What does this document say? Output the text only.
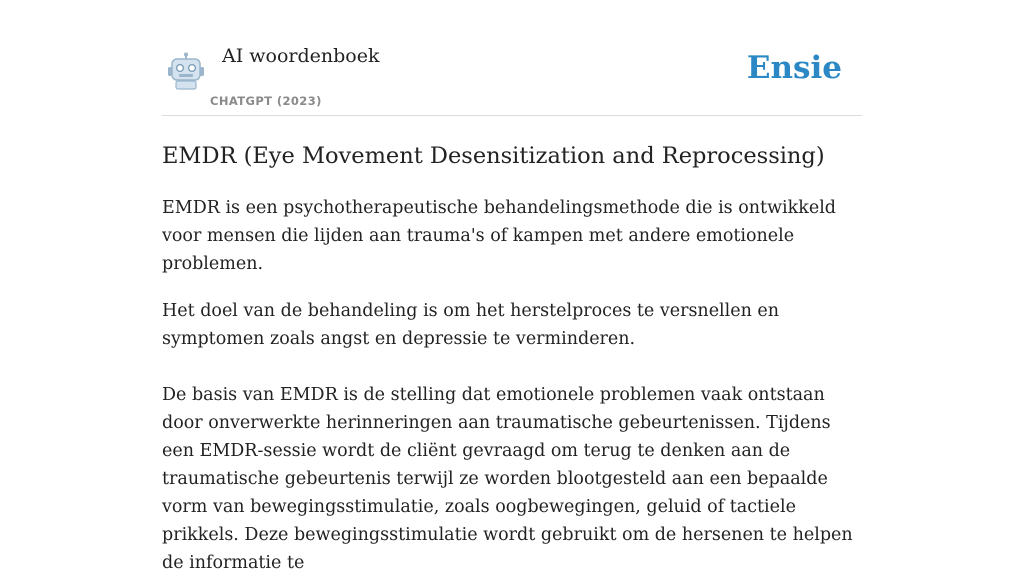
AI woordenboek
CHATGPT (2023)
Ensie
EMDR (Eye Movement Desensitization and Reprocessing)

EMDR is een psychotherapeutische behandelingsmethode die is ontwikkeld voor mensen die lijden aan trauma's of kampen met andere emotionele problemen.

Het doel van de behandeling is om het herstelproces te versnellen en symptomen zoals angst en depressie te verminderen.

De basis van EMDR is de stelling dat emotionele problemen vaak ontstaan door onverwerkte herinneringen aan traumatische gebeurtenissen. Tijdens een EMDR-sessie wordt de cliënt gevraagd om terug te denken aan de traumatische gebeurtenis terwijl ze worden blootgesteld aan een bepaalde vorm van bewegingsstimulatie, zoals oogbewegingen, geluid of tactiele prikkels. Deze bewegingsstimulatie wordt gebruikt om de hersenen te helpen de informatie te
